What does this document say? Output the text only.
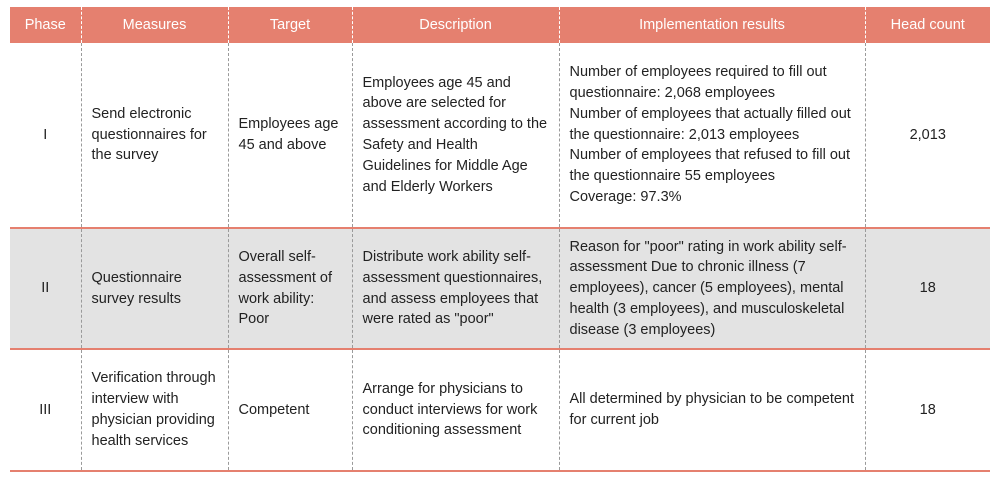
Phase	Measures	Target	Description	Implementation results	Head count
I	Send electronic questionnaires for the survey	Employees age 45 and above	Employees age 45 and above are selected for assessment according to the Safety and Health Guidelines for Middle Age and Elderly Workers	Number of employees required to fill out questionnaire: 2,068 employees
Number of employees that actually filled out the questionnaire: 2,013 employees
Number of employees that refused to fill out the questionnaire 55 employees
Coverage: 97.3%	2,013
II	Questionnaire survey results	Overall self-assessment of work ability: Poor	Distribute work ability self-assessment questionnaires, and assess employees that were rated as "poor"	Reason for "poor" rating in work ability self-assessment Due to chronic illness (7 employees), cancer (5 employees), mental health (3 employees), and musculoskeletal disease (3 employees)	18
III	Verification through interview with physician providing health services	Competent	Arrange for physicians to conduct interviews for work conditioning assessment	All determined by physician to be competent for current job	18
